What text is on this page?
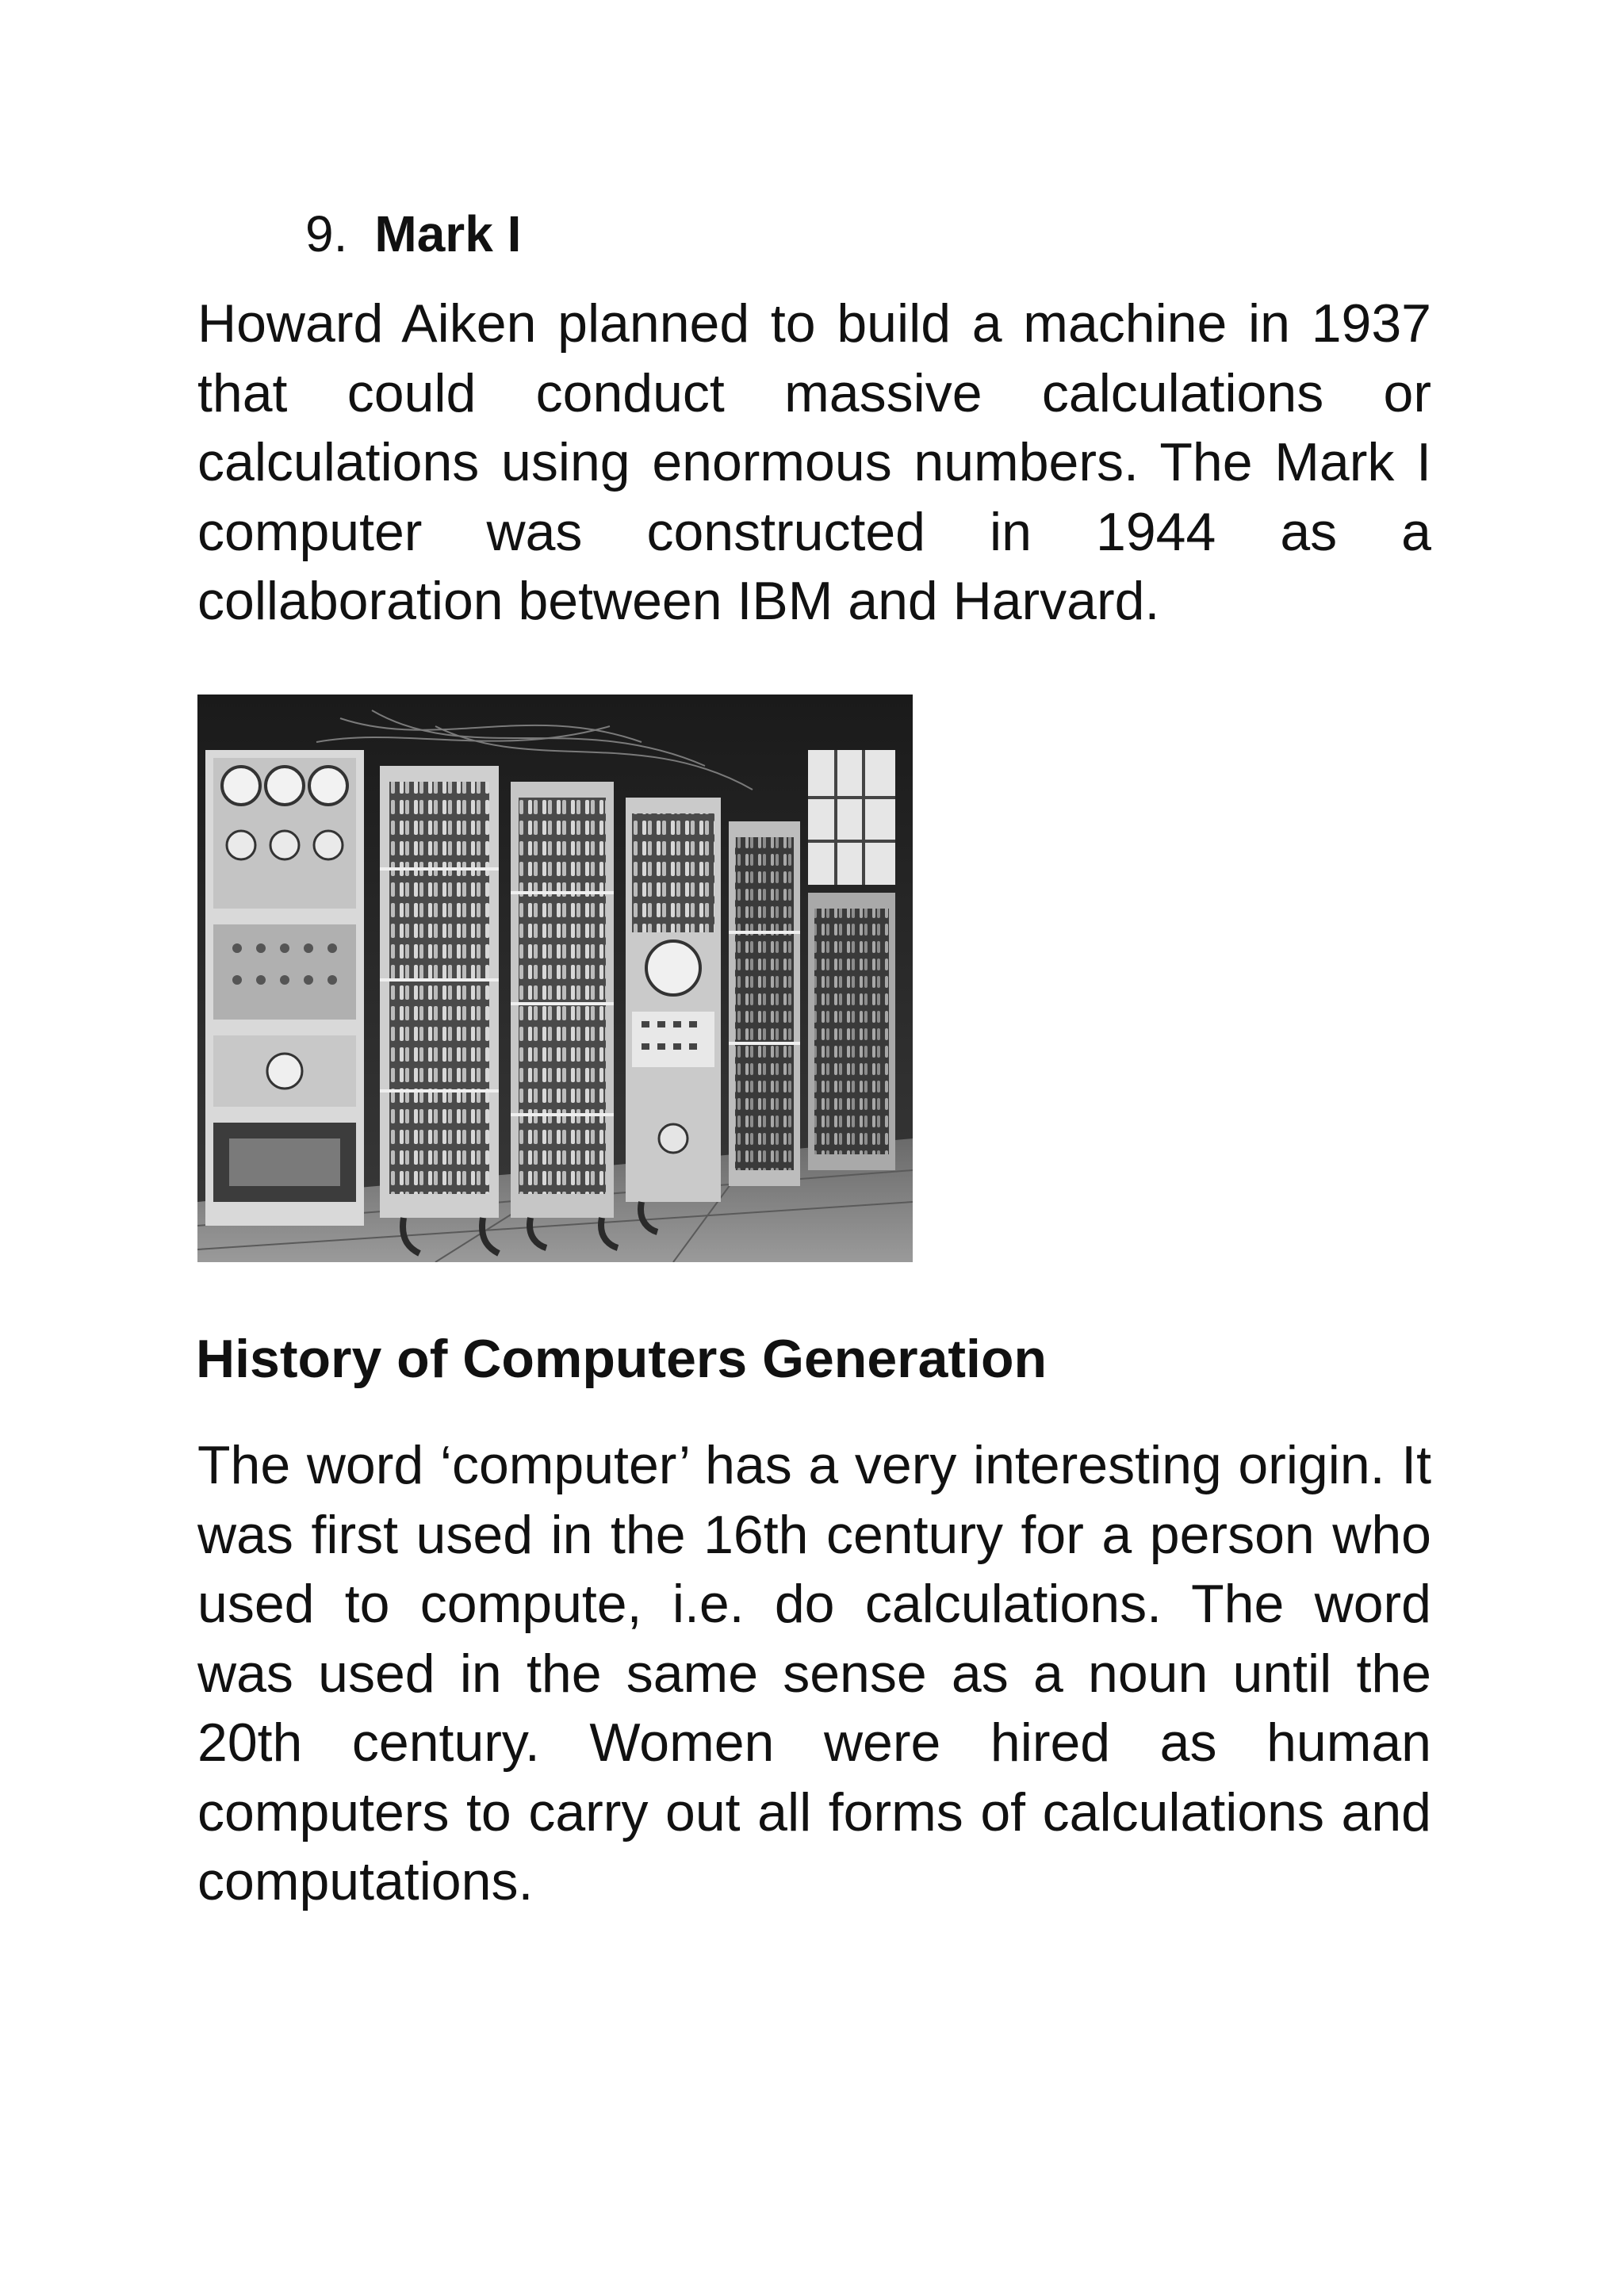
9. Mark I

Howard Aiken planned to build a machine in 1937 that could conduct massive calculations or calculations using enormous numbers. The Mark I computer was constructed in 1944 as a collaboration between IBM and Harvard.

History of Computers Generation

The word ‘computer’ has a very interesting origin. It was first used in the 16th century for a person who used to compute, i.e. do calculations. The word was used in the same sense as a noun until the 20th century. Women were hired as human computers to carry out all forms of calculations and computations.
